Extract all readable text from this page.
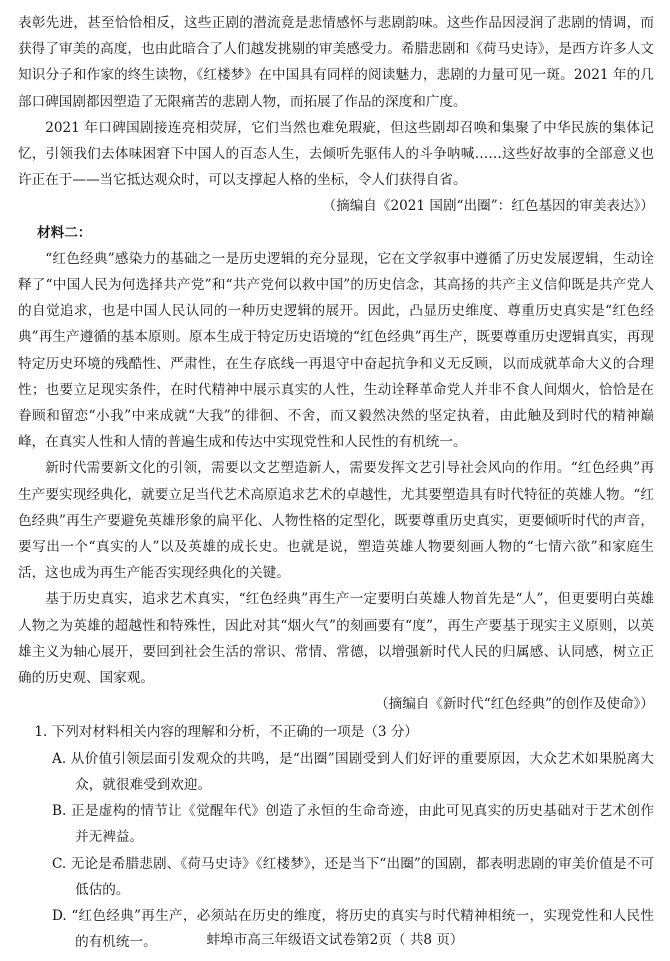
表彰先进，甚至恰恰相反，这些正剧的潜流竟是悲情感怀与悲剧韵味。这些作品因浸润了悲剧的情调，而获得了审美的高度，也由此暗合了人们越发挑剔的审美感受力。希腊悲剧和《荷马史诗》，是西方许多人文知识分子和作家的终生读物，《红楼梦》在中国具有同样的阅读魅力，悲剧的力量可见一斑。2021 年的几部口碑国剧都因塑造了无限痛苦的悲剧人物，而拓展了作品的深度和广度。

2021 年口碑国剧接连亮相荧屏，它们当然也难免瑕疵，但这些剧却召唤和集聚了中华民族的集体记忆，引领我们去体味困窘下中国人的百态人生，去倾听先驱伟人的斗争呐喊……这些好故事的全部意义也许正在于——当它抵达观众时，可以支撑起人格的坐标，令人们获得自省。

（摘编自《2021 国剧“出圈”：红色基因的审美表达》）

材料二：

“红色经典”感染力的基础之一是历史逻辑的充分显现，它在文学叙事中遵循了历史发展逻辑，生动诠释了“中国人民为何选择共产党”和“共产党何以救中国”的历史信念，其高扬的共产主义信仰既是共产党人的自觉追求，也是中国人民认同的一种历史逻辑的展开。因此，凸显历史维度、尊重历史真实是“红色经典”再生产遵循的基本原则。原本生成于特定历史语境的“红色经典”再生产，既要尊重历史逻辑真实，再现特定历史环境的残酷性、严肃性，在生存底线一再退守中奋起抗争和义无反顾，以而成就革命大义的合理性；也要立足现实条件，在时代精神中展示真实的人性，生动诠释革命党人并非不食人间烟火，恰恰是在眷顾和留恋“小我”中来成就“大我”的徘徊、不舍，而又毅然决然的坚定执着，由此触及到时代的精神巅峰，在真实人性和人情的普遍生成和传达中实现党性和人民性的有机统一。

新时代需要新文化的引领，需要以文艺塑造新人，需要发挥文艺引导社会风向的作用。“红色经典”再生产要实现经典化，就要立足当代艺术高原追求艺术的卓越性，尤其要塑造具有时代特征的英雄人物。“红色经典”再生产要避免英雄形象的扁平化、人物性格的定型化，既要尊重历史真实，更要倾听时代的声音，要写出一个“真实的人”以及英雄的成长史。也就是说，塑造英雄人物要刻画人物的“七情六欲”和家庭生活，这也成为再生产能否实现经典化的关键。

基于历史真实，追求艺术真实，“红色经典”再生产一定要明白英雄人物首先是“人”，但更要明白英雄人物之为英雄的超越性和特殊性，因此对其“烟火气”的刻画要有“度”，再生产要基于现实主义原则，以英雄主义为轴心展开，要回到社会生活的常识、常情、常德，以增强新时代人民的归属感、认同感，树立正确的历史观、国家观。

（摘编自《新时代“红色经典”的创作及使命》）

1. 下列对材料相关内容的理解和分析，不正确的一项是（3 分）

A. 从价值引领层面引发观众的共鸣，是“出圈”国剧受到人们好评的重要原因，大众艺术如果脱离大众，就很难受到欢迎。

B. 正是虚构的情节让《觉醒年代》创造了永恒的生命奇迹，由此可见真实的历史基础对于艺术创作并无裨益。

C. 无论是希腊悲剧、《荷马史诗》《红楼梦》，还是当下“出圈”的国剧，都表明悲剧的审美价值是不可低估的。

D. “红色经典”再生产，必须站在历史的维度，将历史的真实与时代精神相统一，实现党性和人民性的有机统一。	蚌埠市高三年级语文试卷第2页（ 共8 页）
